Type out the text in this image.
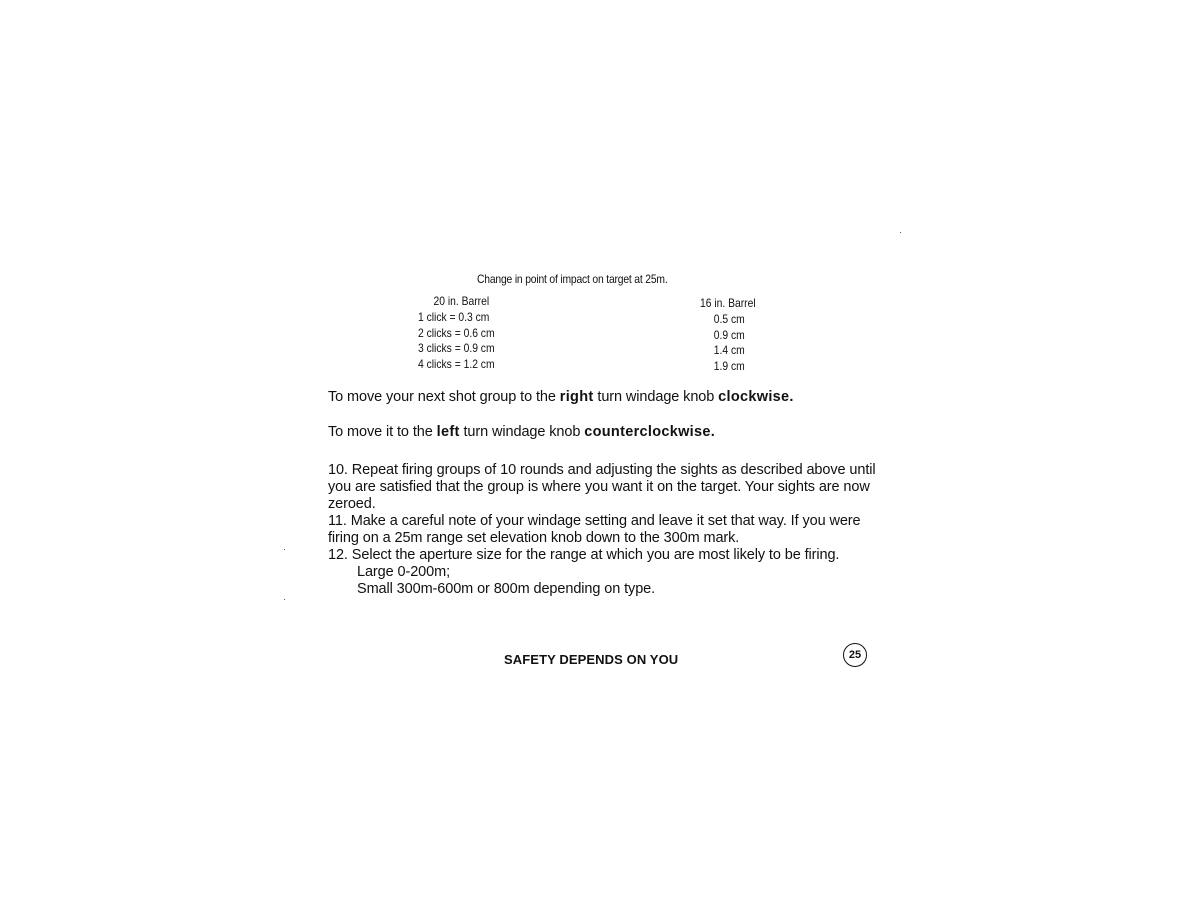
Change in point of impact on target at 25m.
20 in. Barrel
1 click = 0.3 cm
2 clicks = 0.6 cm
3 clicks = 0.9 cm
4 clicks = 1.2 cm
16 in. Barrel
0.5 cm
0.9 cm
1.4 cm
1.9 cm
To move your next shot group to the right turn windage knob clockwise.
To move it to the left turn windage knob counterclockwise.
10. Repeat firing groups of 10 rounds and adjusting the sights as described above until you are satisfied that the group is where you want it on the target. Your sights are now zeroed.
11. Make a careful note of your windage setting and leave it set that way. If you were firing on a 25m range set elevation knob down to the 300m mark.
12. Select the aperture size for the range at which you are most likely to be firing.
Large 0-200m;
Small 300m-600m or 800m depending on type.
SAFETY DEPENDS ON YOU	25
